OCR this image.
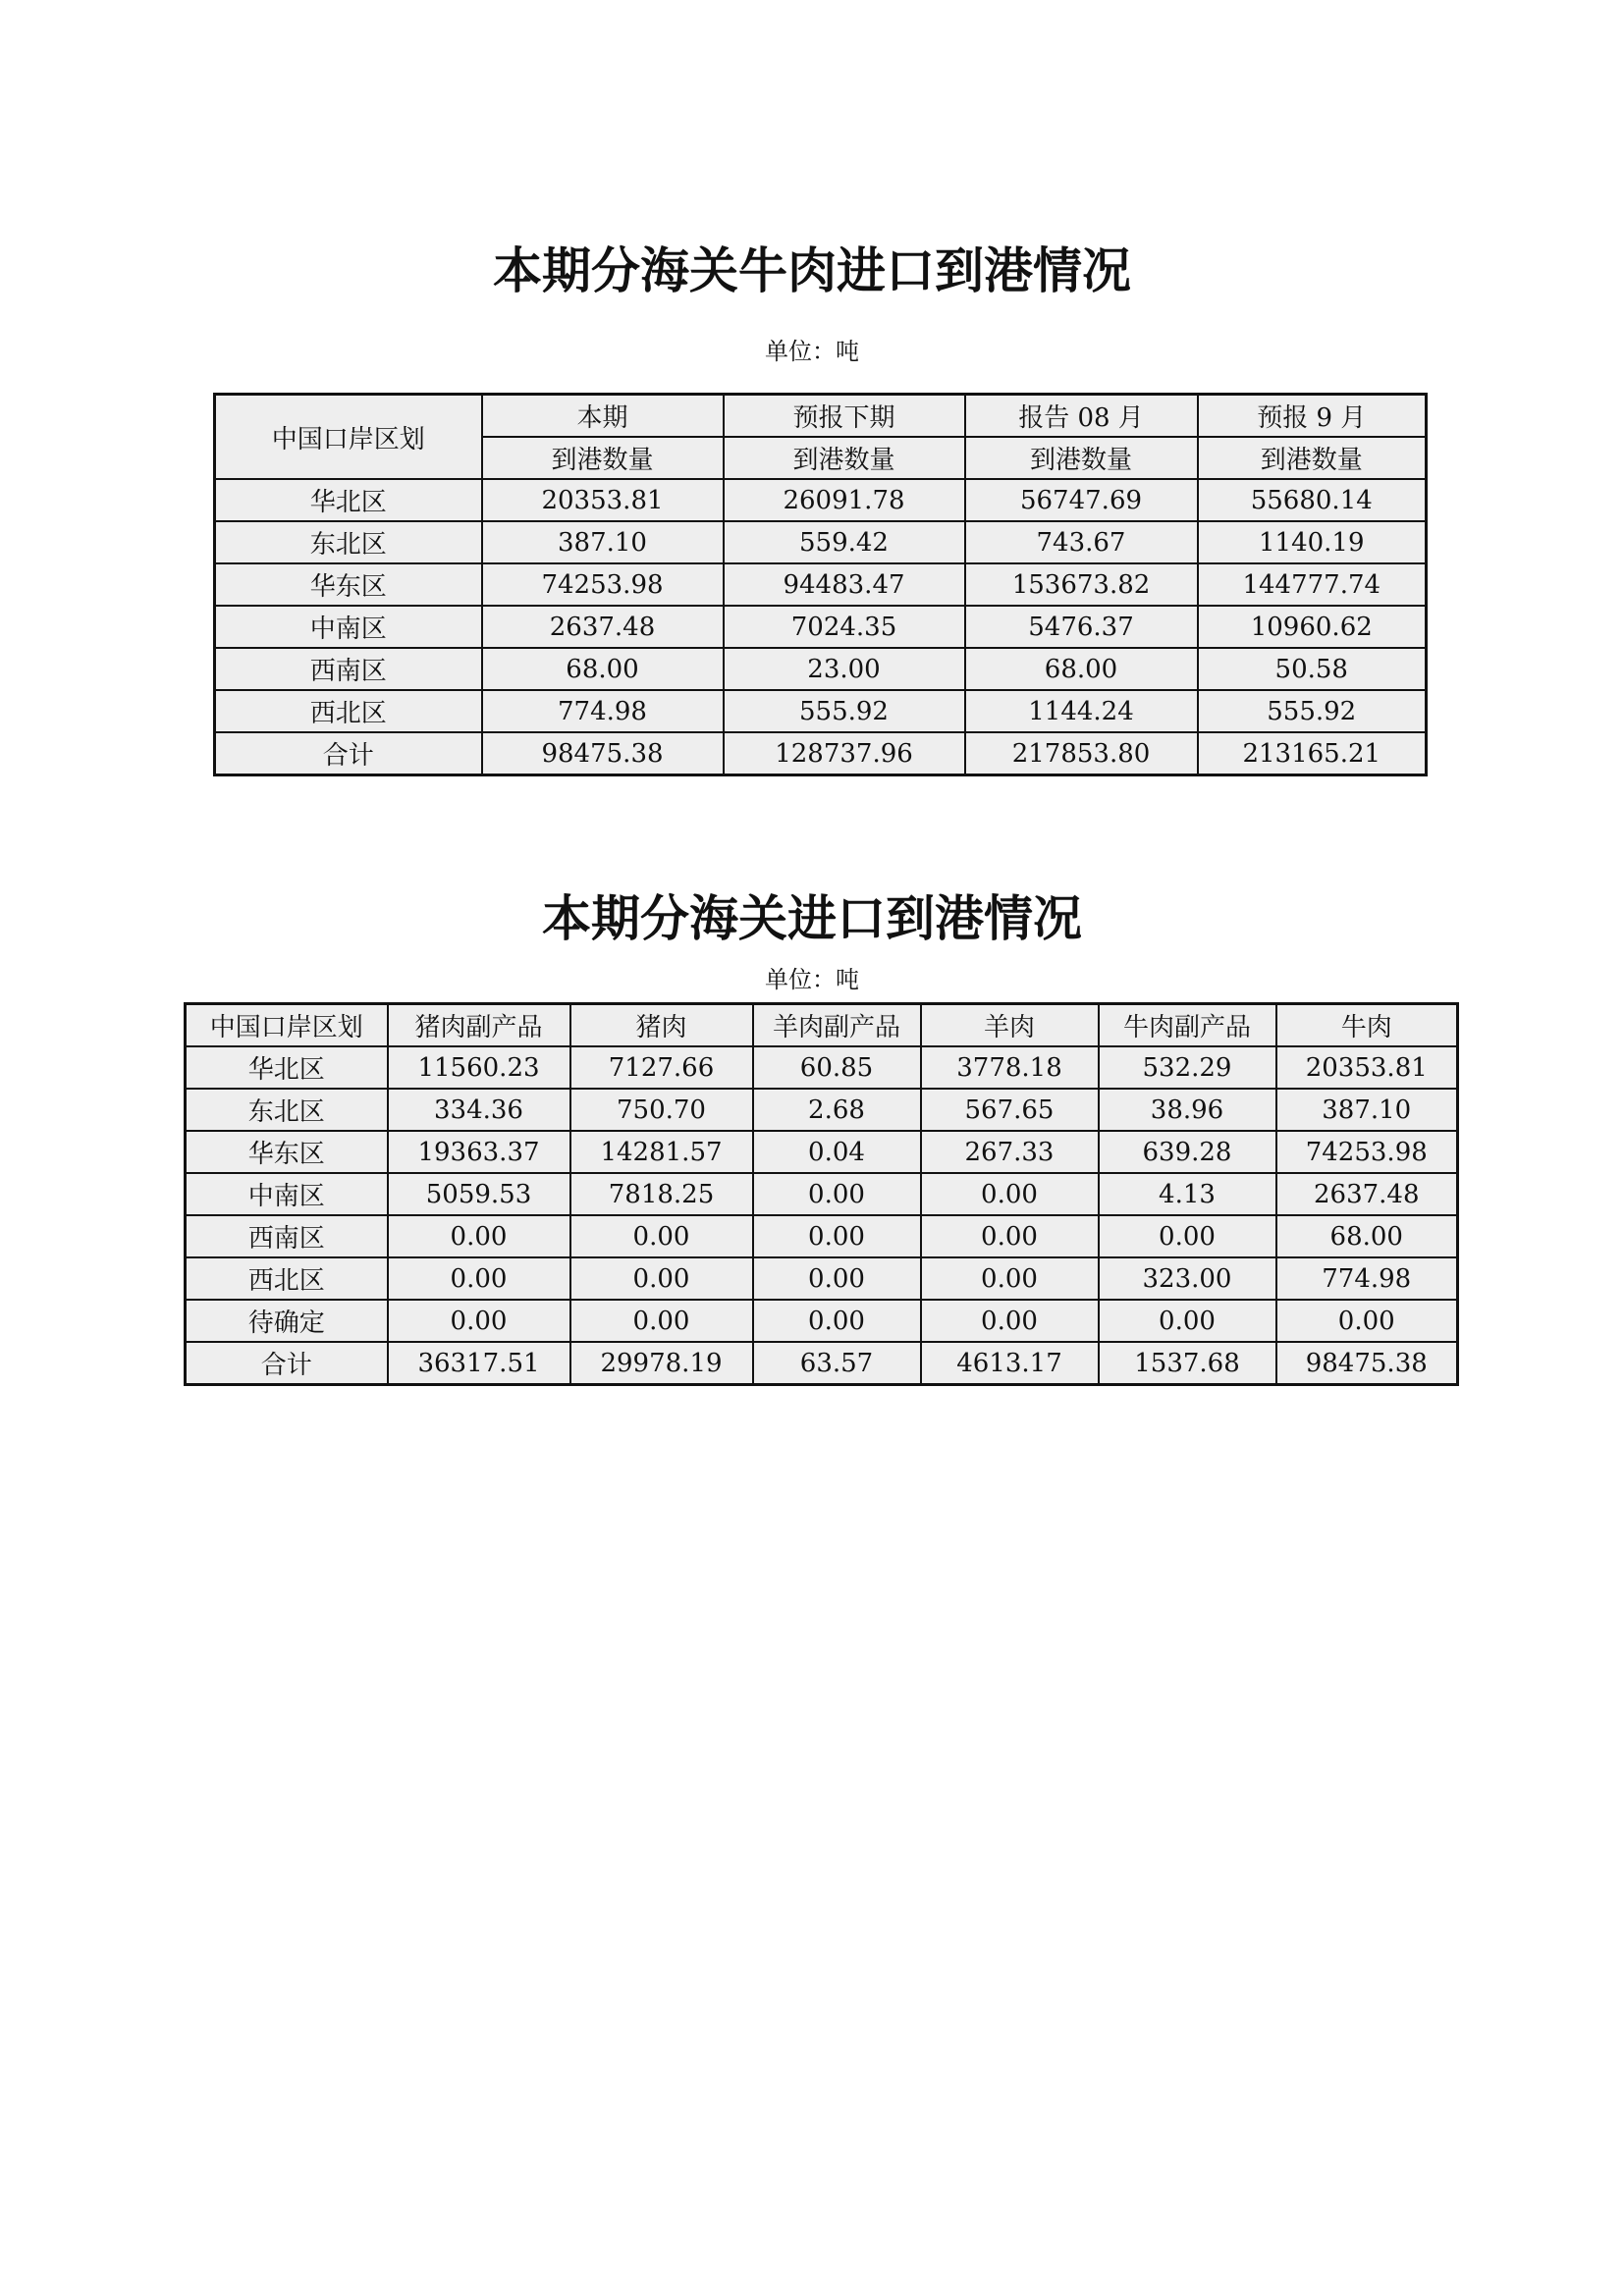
本期分海关牛肉进口到港情况
单位：吨
中国口岸区划	本期	预报下期	报告 08 月	预报 9 月
	到港数量	到港数量	到港数量	到港数量
华北区	20353.81	26091.78	56747.69	55680.14
东北区	387.10	559.42	743.67	1140.19
华东区	74253.98	94483.47	153673.82	144777.74
中南区	2637.48	7024.35	5476.37	10960.62
西南区	68.00	23.00	68.00	50.58
西北区	774.98	555.92	1144.24	555.92
合计	98475.38	128737.96	217853.80	213165.21
本期分海关进口到港情况
单位：吨
中国口岸区划	猪肉副产品	猪肉	羊肉副产品	羊肉	牛肉副产品	牛肉
华北区	11560.23	7127.66	60.85	3778.18	532.29	20353.81
东北区	334.36	750.70	2.68	567.65	38.96	387.10
华东区	19363.37	14281.57	0.04	267.33	639.28	74253.98
中南区	5059.53	7818.25	0.00	0.00	4.13	2637.48
西南区	0.00	0.00	0.00	0.00	0.00	68.00
西北区	0.00	0.00	0.00	0.00	323.00	774.98
待确定	0.00	0.00	0.00	0.00	0.00	0.00
合计	36317.51	29978.19	63.57	4613.17	1537.68	98475.38
